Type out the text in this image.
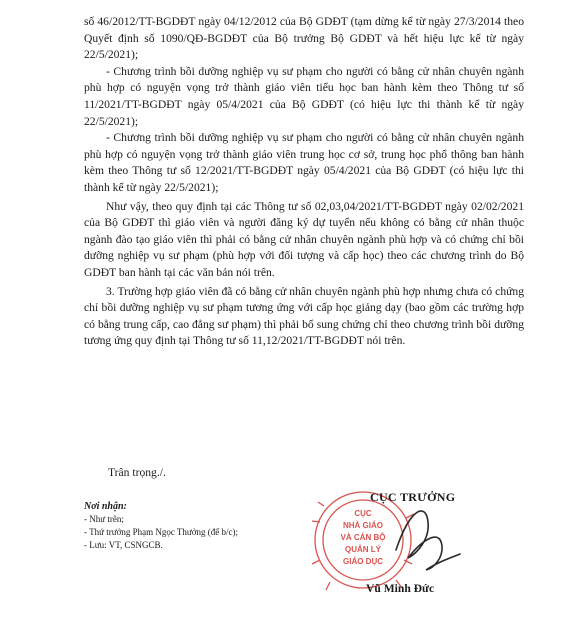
số 46/2012/TT-BGDĐT ngày 04/12/2012 của Bộ GDĐT (tạm dừng kể từ ngày 27/3/2014 theo Quyết định số 1090/QĐ-BGDĐT của Bộ trưởng Bộ GDĐT và hết hiệu lực kể từ ngày 22/5/2021);

- Chương trình bồi dưỡng nghiệp vụ sư phạm cho người có bằng cử nhân chuyên ngành phù hợp có nguyện vọng trở thành giáo viên tiểu học ban hành kèm theo Thông tư số 11/2021/TT-BGDĐT ngày 05/4/2021 của Bộ GDĐT (có hiệu lực thi thành kể từ ngày 22/5/2021);

- Chương trình bồi dưỡng nghiệp vụ sư phạm cho người có bằng cử nhân chuyên ngành phù hợp có nguyện vọng trở thành giáo viên trung học cơ sở, trung học phổ thông ban hành kèm theo Thông tư số 12/2021/TT-BGDĐT ngày 05/4/2021 của Bộ GDĐT (có hiệu lực thi thành kể từ ngày 22/5/2021);

Như vậy, theo quy định tại các Thông tư số 02,03,04/2021/TT-BGDĐT ngày 02/02/2021 của Bộ GDĐT thì giáo viên và người đăng ký dự tuyển nếu không có bằng cử nhân thuộc ngành đào tạo giáo viên thì phải có bằng cử nhân chuyên ngành phù hợp và có chứng chỉ bồi dưỡng nghiệp vụ sư phạm (phù hợp với đối tượng và cấp học) theo các chương trình do Bộ GDĐT ban hành tại các văn bản nói trên.

3. Trường hợp giáo viên đã có bằng cử nhân chuyên ngành phù hợp nhưng chưa có chứng chỉ bồi dưỡng nghiệp vụ sư phạm tương ứng với cấp học giảng dạy (bao gồm các trường hợp có bằng trung cấp, cao đẳng sư phạm) thì phải bổ sung chứng chỉ theo chương trình bồi dưỡng tương ứng quy định tại Thông tư số 11,12/2021/TT-BGDĐT nói trên.

Trân trọng./.
Nơi nhận:
- Như trên;
- Thứ trưởng Phạm Ngọc Thưởng (để b/c);
- Lưu: VT, CSNGCB.
CỤC
NHÀ GIÁO
VÀ CÁN BỘ
QUẢN LÝ
GIÁO DỤC
CỤC TRƯỞNG
Vũ Minh Đức
